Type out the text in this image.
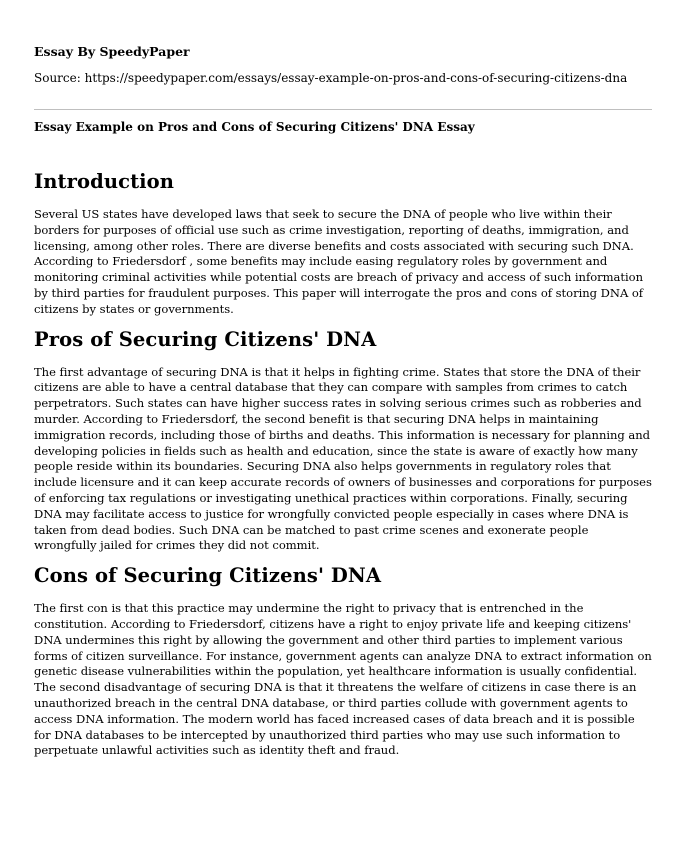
Essay By SpeedyPaper
Source: https://speedypaper.com/essays/essay-example-on-pros-and-cons-of-securing-citizens-dna
Essay Example on Pros and Cons of Securing Citizens' DNA Essay
Introduction

Several US states have developed laws that seek to secure the DNA of people who live within their borders for purposes of official use such as crime investigation, reporting of deaths, immigration, and licensing, among other roles. There are diverse benefits and costs associated with securing such DNA. According to Friedersdorf , some benefits may include easing regulatory roles by government and monitoring criminal activities while potential costs are breach of privacy and access of such information by third parties for fraudulent purposes. This paper will interrogate the pros and cons of storing DNA of citizens by states or governments.

Pros of Securing Citizens' DNA

The first advantage of securing DNA is that it helps in fighting crime. States that store the DNA of their citizens are able to have a central database that they can compare with samples from crimes to catch perpetrators. Such states can have higher success rates in solving serious crimes such as robberies and murder. According to Friedersdorf, the second benefit is that securing DNA helps in maintaining immigration records, including those of births and deaths. This information is necessary for planning and developing policies in fields such as health and education, since the state is aware of exactly how many people reside within its boundaries. Securing DNA also helps governments in regulatory roles that include licensure and it can keep accurate records of owners of businesses and corporations for purposes of enforcing tax regulations or investigating unethical practices within corporations. Finally, securing DNA may facilitate access to justice for wrongfully convicted people especially in cases where DNA is taken from dead bodies. Such DNA can be matched to past crime scenes and exonerate people wrongfully jailed for crimes they did not commit.

Cons of Securing Citizens' DNA

The first con is that this practice may undermine the right to privacy that is entrenched in the constitution. According to Friedersdorf, citizens have a right to enjoy private life and keeping citizens' DNA undermines this right by allowing the government and other third parties to implement various forms of citizen surveillance. For instance, government agents can analyze DNA to extract information on genetic disease vulnerabilities within the population, yet healthcare information is usually confidential. The second disadvantage of securing DNA is that it threatens the welfare of citizens in case there is an unauthorized breach in the central DNA database, or third parties collude with government agents to access DNA information. The modern world has faced increased cases of data breach and it is possible for DNA databases to be intercepted by unauthorized third parties who may use such information to perpetuate unlawful activities such as identity theft and fraud.
